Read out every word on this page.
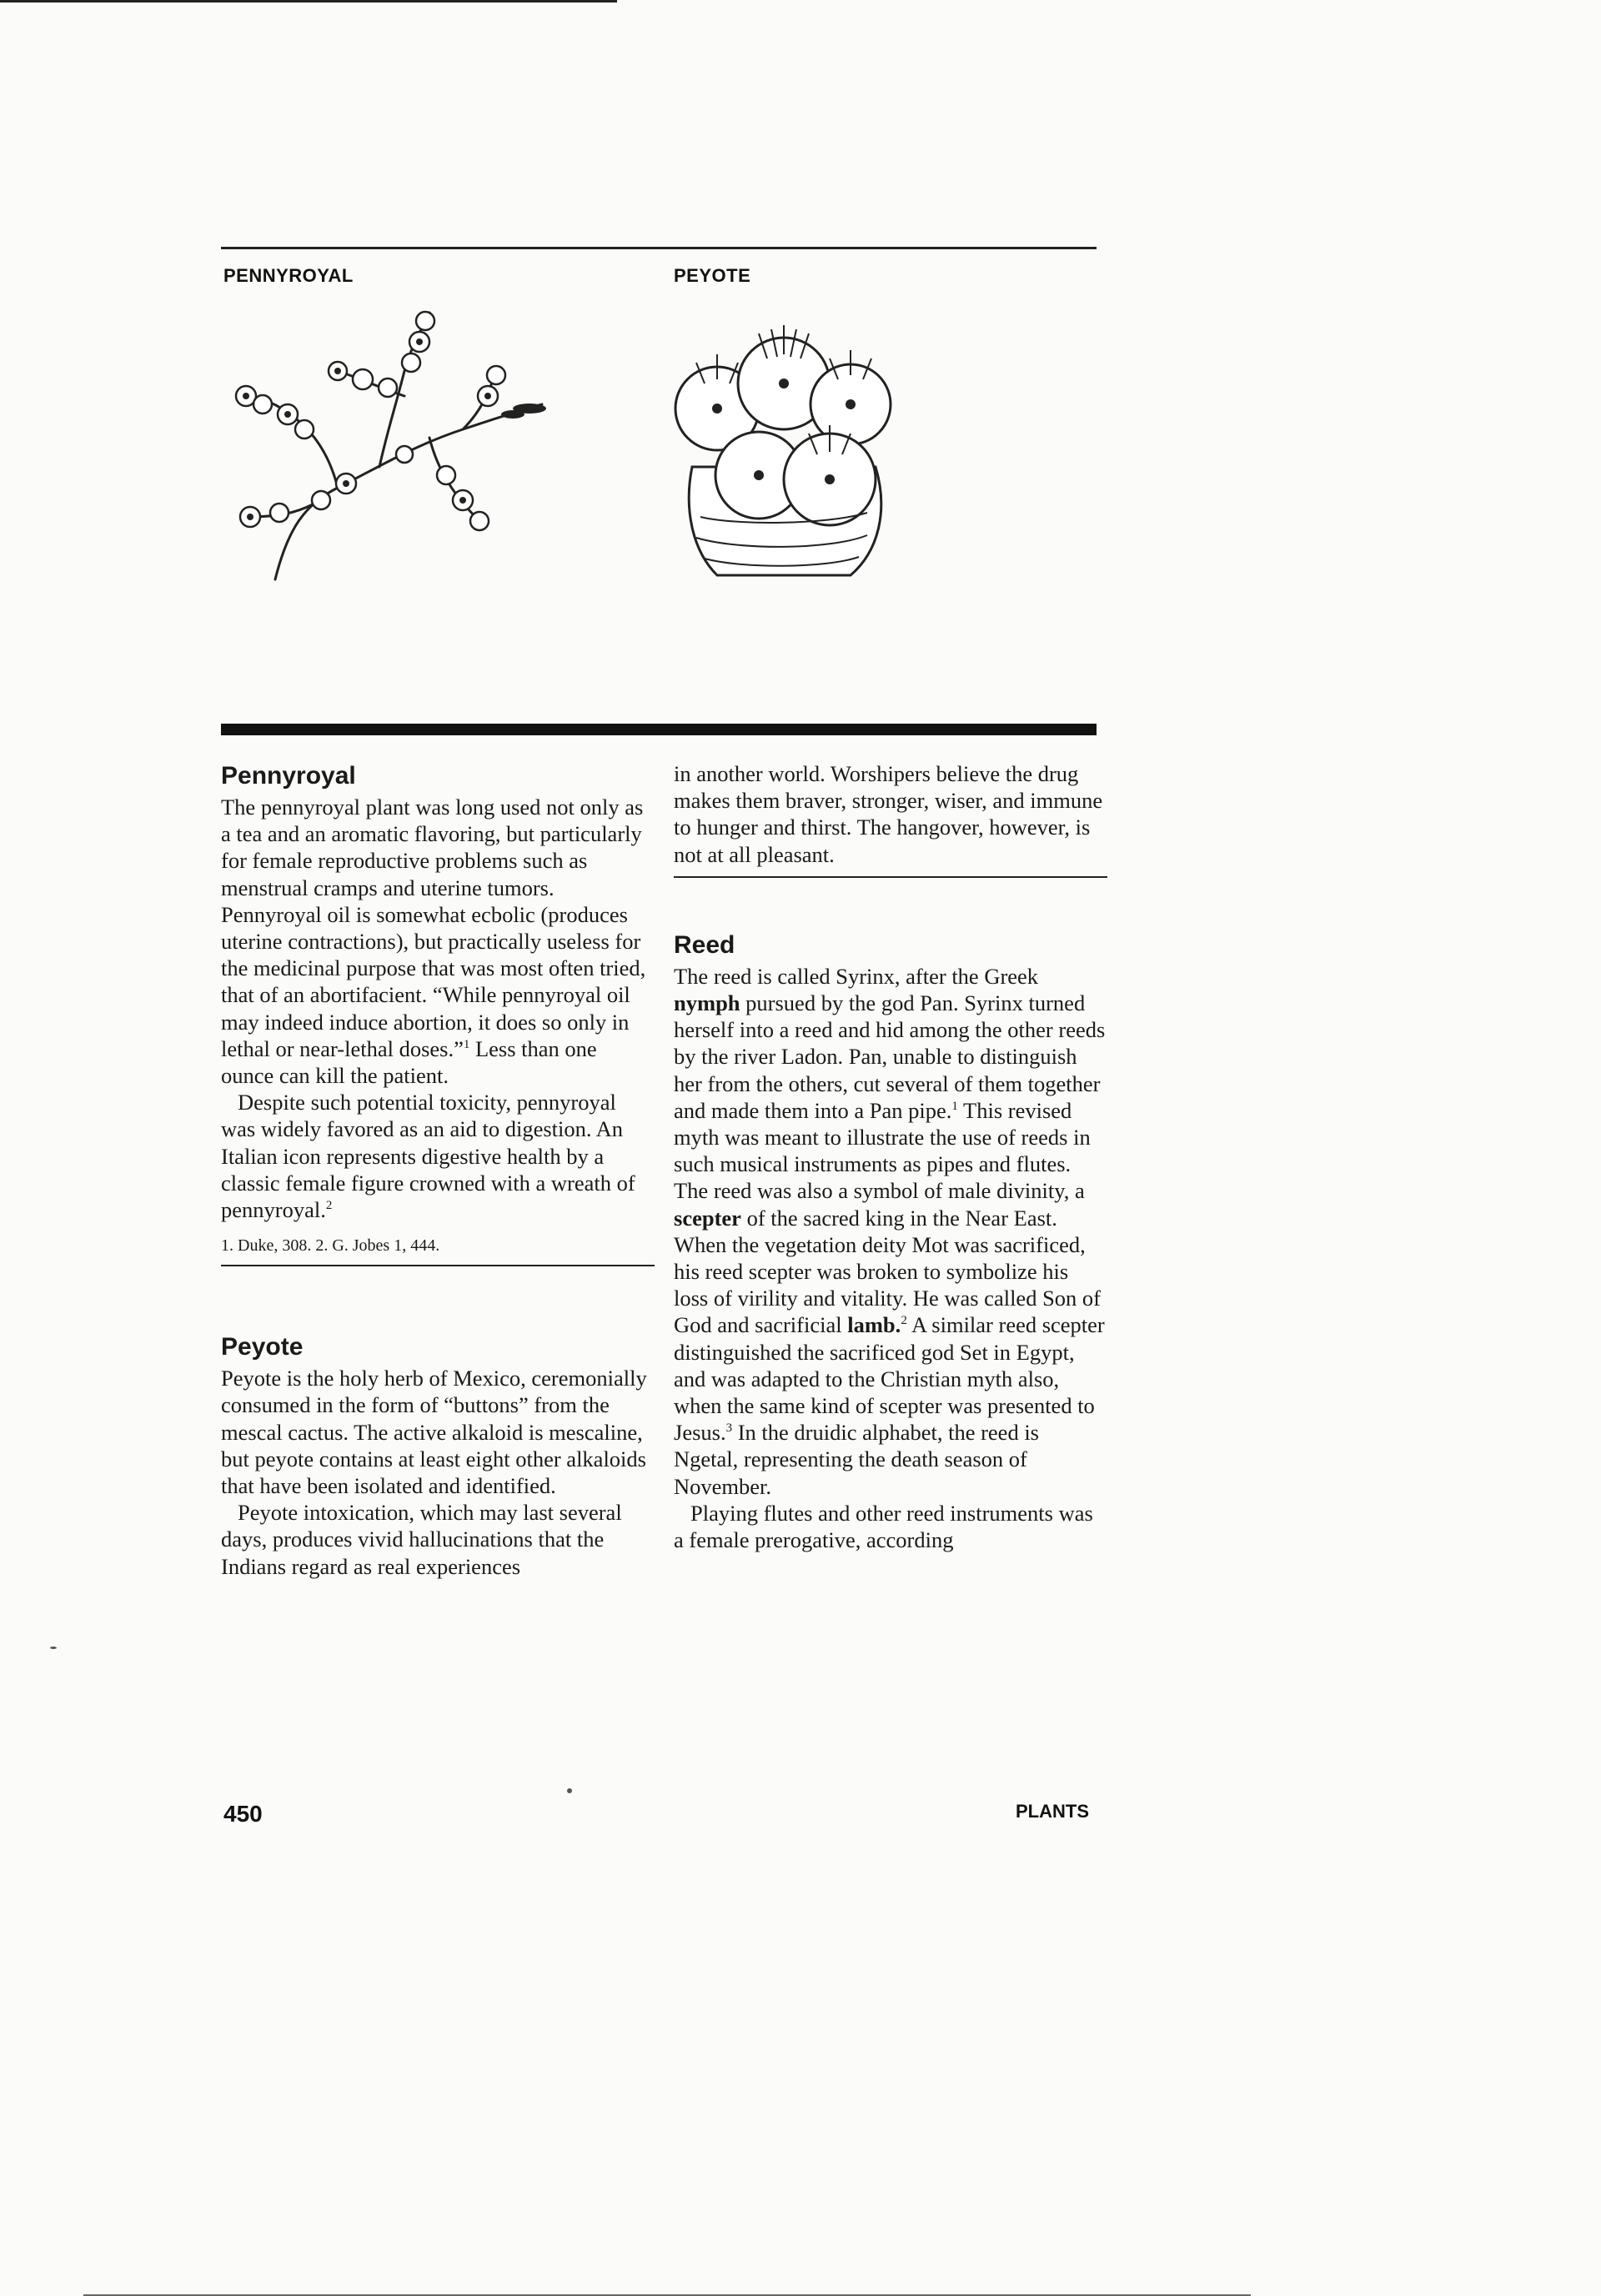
PENNYROYAL	PEYOTE
Pennyroyal

The pennyroyal plant was long used not only as a tea and an aromatic flavoring, but particularly for female reproductive problems such as menstrual cramps and uterine tumors. Pennyroyal oil is somewhat ecbolic (produces uterine contractions), but practically useless for the medicinal purpose that was most often tried, that of an abortifacient. “While pennyroyal oil may indeed induce abortion, it does so only in lethal or near-lethal doses.”$^1$ Less than one ounce can kill the patient.

Despite such potential toxicity, pennyroyal was widely favored as an aid to digestion. An Italian icon represents digestive health by a classic female figure crowned with a wreath of pennyroyal.$^2$

1. Duke, 308. 2. G. Jobes 1, 444.
Peyote

Peyote is the holy herb of Mexico, ceremonially consumed in the form of “buttons” from the mescal cactus. The active alkaloid is mescaline, but peyote contains at least eight other alkaloids that have been isolated and identified.

Peyote intoxication, which may last several days, produces vivid hallucinations that the Indians regard as real experiences

in another world. Worshipers believe the drug makes them braver, stronger, wiser, and immune to hunger and thirst. The hangover, however, is not at all pleasant.

Reed

The reed is called Syrinx, after the Greek nymph pursued by the god Pan. Syrinx turned herself into a reed and hid among the other reeds by the river Ladon. Pan, unable to distinguish her from the others, cut several of them together and made them into a Pan pipe.$^1$ This revised myth was meant to illustrate the use of reeds in such musical instruments as pipes and flutes. The reed was also a symbol of male divinity, a scepter of the sacred king in the Near East. When the vegetation deity Mot was sacrificed, his reed scepter was broken to symbolize his loss of virility and vitality. He was called Son of God and sacrificial lamb.$^2$ A similar reed scepter distinguished the sacrificed god Set in Egypt, and was adapted to the Christian myth also, when the same kind of scepter was presented to Jesus.$^3$ In the druidic alphabet, the reed is Ngetal, representing the death season of November.

Playing flutes and other reed instruments was a female prerogative, according

450	PLANTS
